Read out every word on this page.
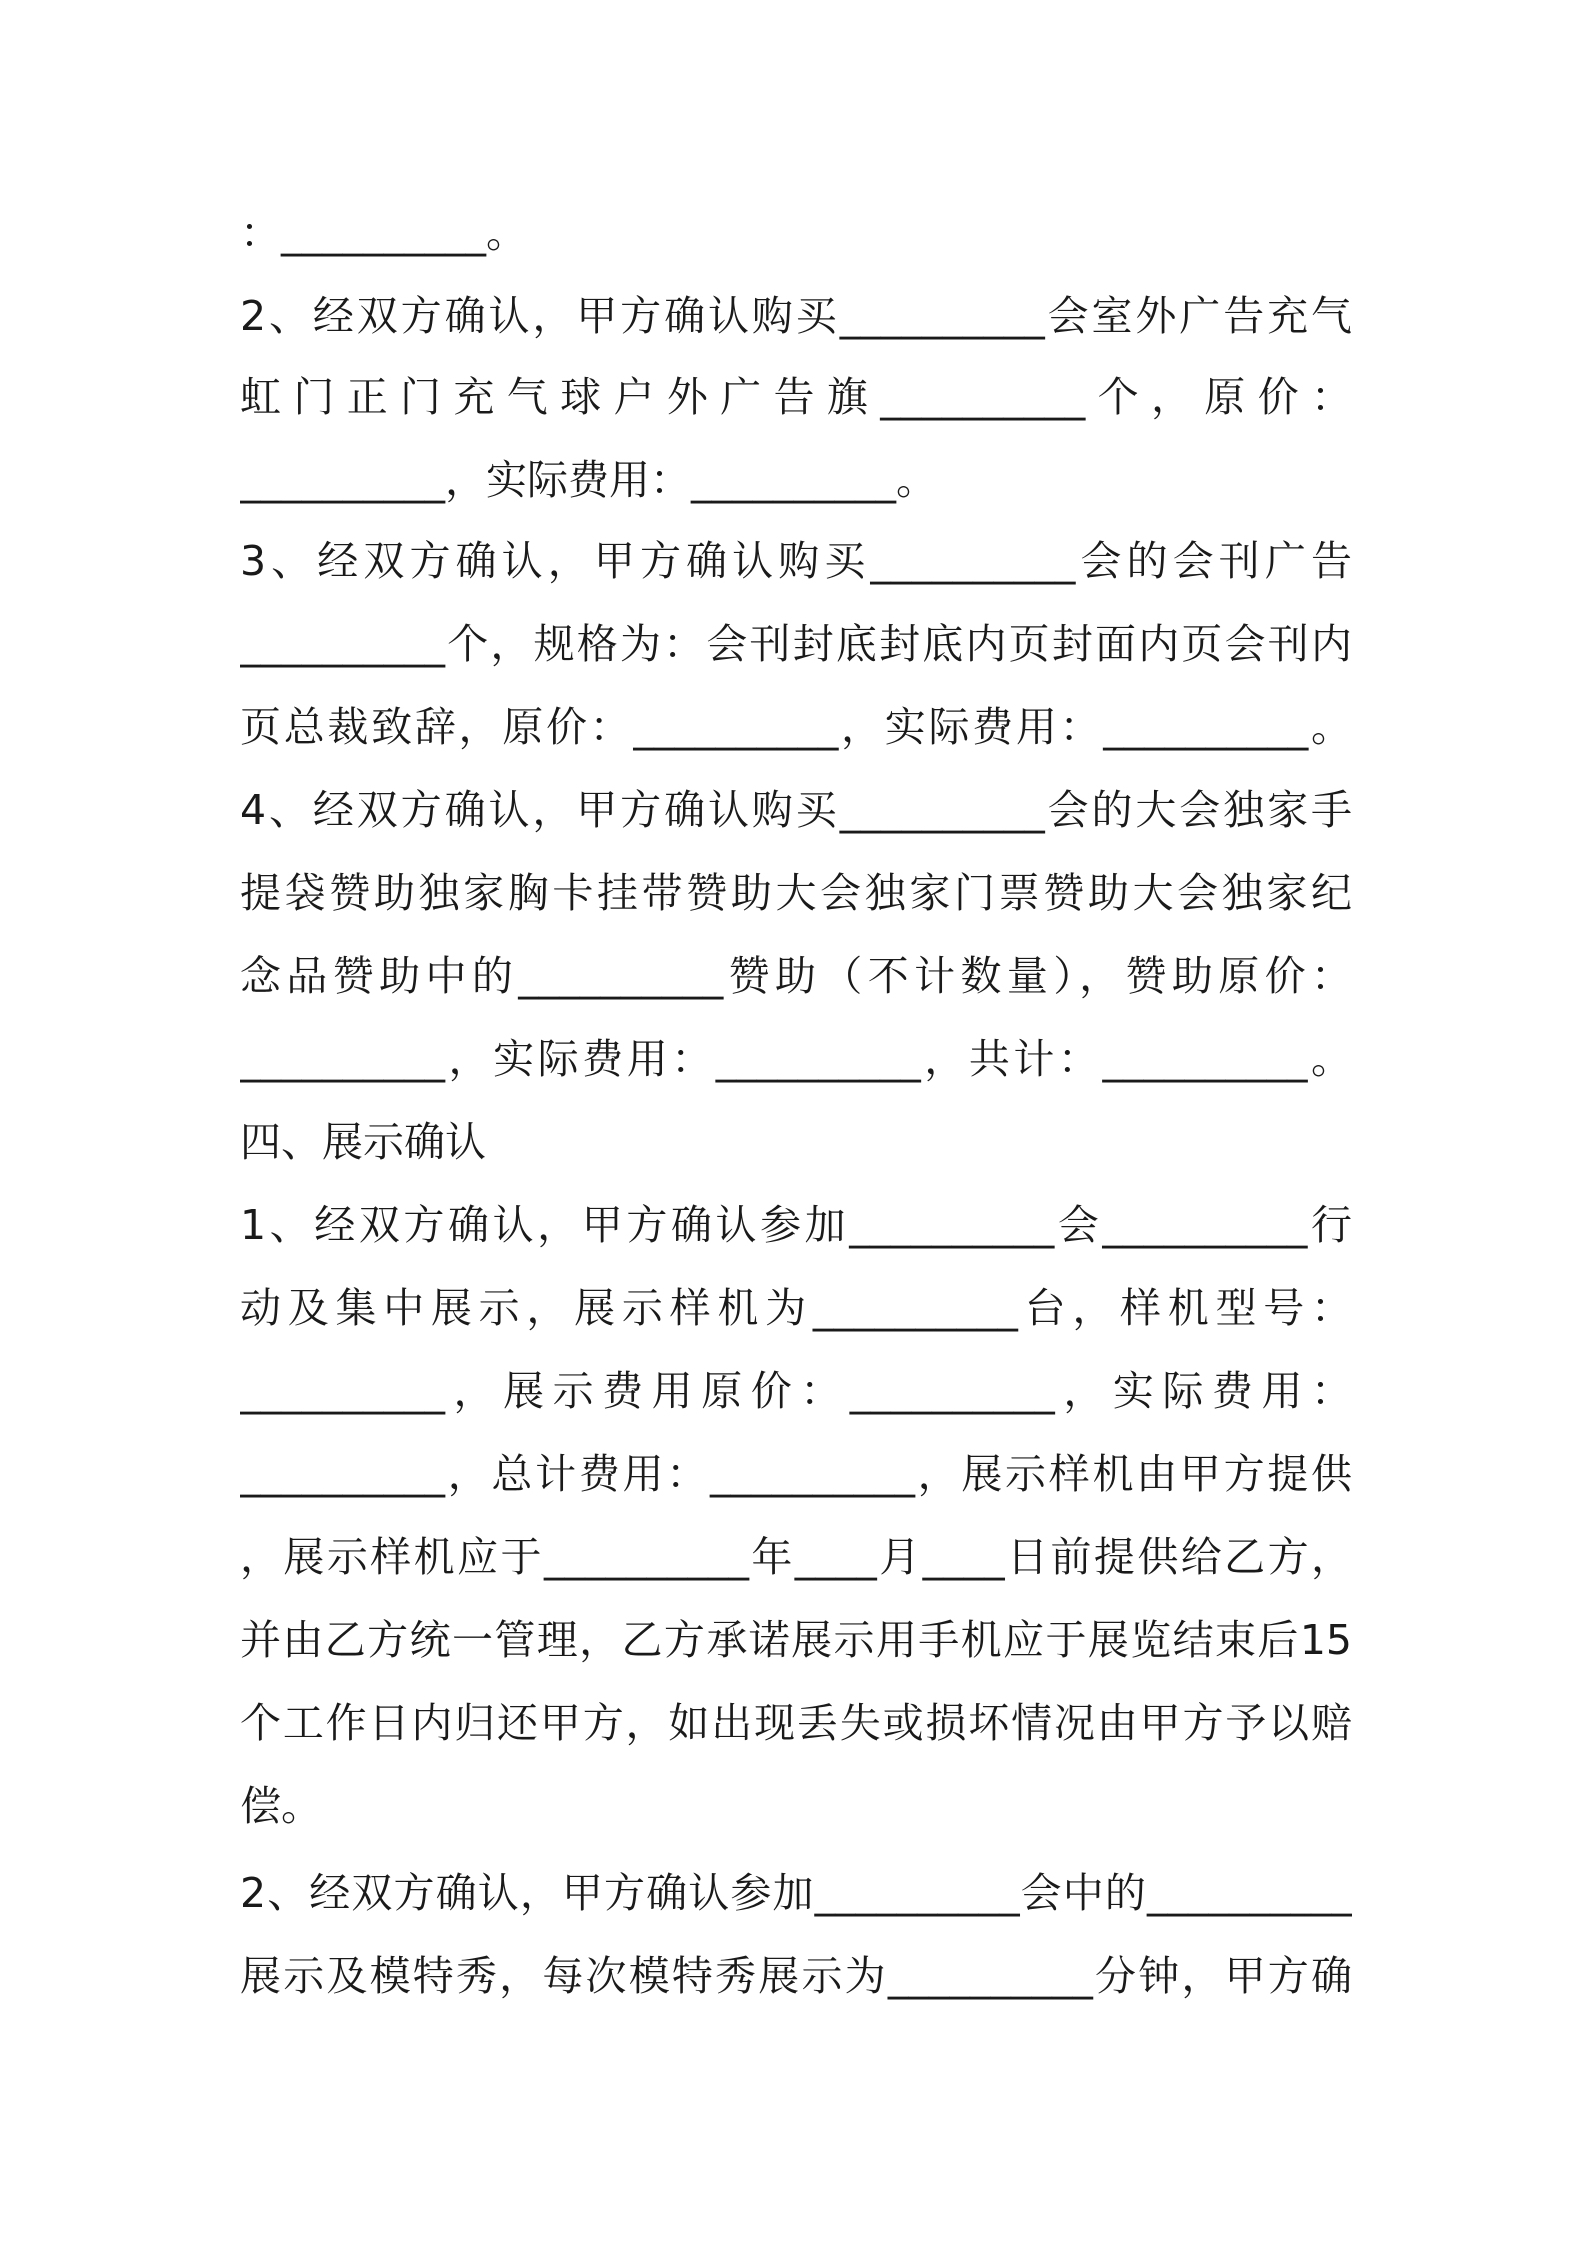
：__________。
2、经双方确认，甲方确认购买__________会室外广告充气
虹门正门充气球户外广告旗__________个，原价：
__________，实际费用：__________。
3、经双方确认，甲方确认购买__________会的会刊广告
__________个，规格为：会刊封底封底内页封面内页会刊内
页总裁致辞，原价：__________，实际费用：__________。
4、经双方确认，甲方确认购买__________会的大会独家手
提袋赞助独家胸卡挂带赞助大会独家门票赞助大会独家纪
念品赞助中的__________赞助（不计数量），赞助原价：
__________，实际费用：__________，共计：__________。
四、展示确认
1、经双方确认，甲方确认参加__________会__________行
动及集中展示，展示样机为__________台，样机型号：
__________，展示费用原价：__________，实际费用：
__________，总计费用：__________，展示样机由甲方提供
，展示样机应于__________年____月____日前提供给乙方，
并由乙方统一管理，乙方承诺展示用手机应于展览结束后15
个工作日内归还甲方，如出现丢失或损坏情况由甲方予以赔
偿。
2、经双方确认，甲方确认参加__________会中的__________
展示及模特秀，每次模特秀展示为__________分钟，甲方确
